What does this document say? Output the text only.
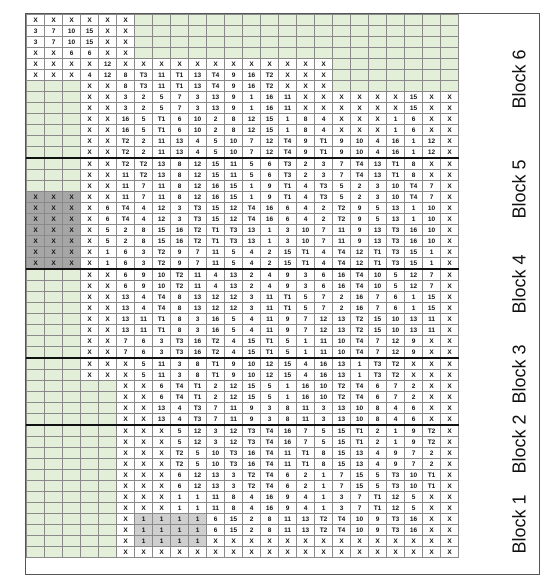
X	X	X	X	X	X																		
3	7	10	15	X	X																		
3	7	10	15	X	X																		
X	X	6	6	X	X																		
X	X	X	X	12	X	X	X	X	X	X	X	X	X	X	X	X							
X	X	X	4	12	8	T3	11	T1	13	T4	9	16	T2	X	X	X							
			X	X	8	T3	11	T1	13	T4	9	16	T2	X	X	X							
			X	X	3	2	5	7	3	13	9	1	16	11	X	X	X	X	X	X	15	X	X
			X	X	3	2	5	7	3	13	9	1	16	11	X	X	X	X	X	X	15	X	X
			X	X	16	5	T1	6	10	2	8	12	15	1	8	4	X	X	X	1	6	X	X
			X	X	16	5	T1	6	10	2	8	12	15	1	8	4	X	X	X	1	6	X	X
			X	X	T2	2	11	13	4	5	10	7	12	T4	9	T1	9	10	4	16	1	12	X
			X	X	T2	2	11	13	4	5	10	7	12	T4	9	T1	9	10	4	16	1	12	X
			X	X	T2	T2	13	8	12	15	11	5	6	T3	2	3	7	T4	13	T1	8	X	X
			X	X	11	T2	13	8	12	15	11	5	6	T3	2	3	7	T4	13	T1	8	X	X
			X	X	11	7	11	8	12	16	15	1	9	T1	4	T3	5	2	3	10	T4	7	X
X	X	X	X	X	11	7	11	8	12	16	15	1	9	T1	4	T3	5	2	3	10	T4	7	X
X	X	X	X	6	T4	4	12	3	T3	15	12	T4	16	6	4	2	T2	9	5	13	1	10	X
X	X	X	X	6	T4	4	12	3	T3	15	12	T4	16	6	4	2	T2	9	5	13	1	10	X
X	X	X	X	5	2	8	15	16	T2	T1	T3	13	1	3	10	7	11	9	13	T3	16	10	X
X	X	X	X	5	2	8	15	16	T2	T1	T3	13	1	3	10	7	11	9	13	T3	16	10	X
X	X	X	X	1	6	3	T2	9	7	11	5	4	2	15	T1	4	T4	12	T1	T3	15	1	X
X	X	X	X	1	6	3	T2	9	7	11	5	4	2	15	T1	4	T4	12	T1	T3	15	1	X
			X	X	6	9	10	T2	11	4	13	2	4	9	3	6	16	T4	10	5	12	7	X
			X	X	6	9	10	T2	11	4	13	2	4	9	3	6	16	T4	10	5	12	7	X
			X	X	13	4	T4	8	13	12	12	3	11	T1	5	7	2	16	7	6	1	15	X
			X	X	13	4	T4	8	13	12	12	3	11	T1	5	7	2	16	7	6	1	15	X
			X	X	13	11	T1	8	3	16	5	4	11	9	7	12	13	T2	15	10	13	11	X
			X	X	13	11	T1	8	3	16	5	4	11	9	7	12	13	T2	15	10	13	11	X
			X	X	7	6	3	T3	16	T2	4	15	T1	5	1	11	10	T4	7	12	9	X	X
			X	X	7	6	3	T3	16	T2	4	15	T1	5	1	11	10	T4	7	12	9	X	X
			X	X	X	5	11	3	8	T1	9	10	12	15	4	16	13	1	T3	T2	X	X	X
			X	X	X	5	11	3	8	T1	9	10	12	15	4	16	13	1	T3	T2	X	X	X
					X	X	6	T4	T1	2	12	15	5	1	16	10	T2	T4	6	7	2	X	X
					X	X	6	T4	T1	2	12	15	5	1	16	10	T2	T4	6	7	2	X	X
					X	X	13	4	T3	7	11	9	3	8	11	3	13	10	8	4	6	X	X
					X	X	13	4	T3	7	11	9	3	8	11	3	13	10	8	4	6	X	X
					X	X	X	5	12	3	12	T3	T4	16	7	5	15	T1	2	1	9	T2	X
					X	X	X	5	12	3	12	T3	T4	16	7	5	15	T1	2	1	9	T2	X
					X	X	X	T2	5	10	T3	16	T4	11	T1	8	15	13	4	9	7	2	X
					X	X	X	T2	5	10	T3	16	T4	11	T1	8	15	13	4	9	7	2	X
					X	X	X	6	12	13	3	T2	T4	6	2	1	7	15	5	T3	10	T1	X
					X	X	X	6	12	13	3	T2	T4	6	2	1	7	15	5	T3	10	T1	X
					X	X	X	1	1	11	8	4	16	9	4	1	3	7	T1	12	5	X	X
					X	X	X	1	1	11	8	4	16	9	4	1	3	7	T1	12	5	X	X
					X	1	1	1	1	6	15	2	8	11	13	T2	T4	10	9	T3	16	X	X
					X	1	1	1	1	6	15	2	8	11	13	T2	T4	10	9	T3	16	X	X
					X	1	1	1	1	X	X	X	X	X	X	X	X	X	X	X	X	X	X
					X	X	X	X	X	X	X	X	X	X	X	X	X	X	X	X	X	X	X
Block 6
Block 5
Block 4
Block 3
Block 2
Block 1
